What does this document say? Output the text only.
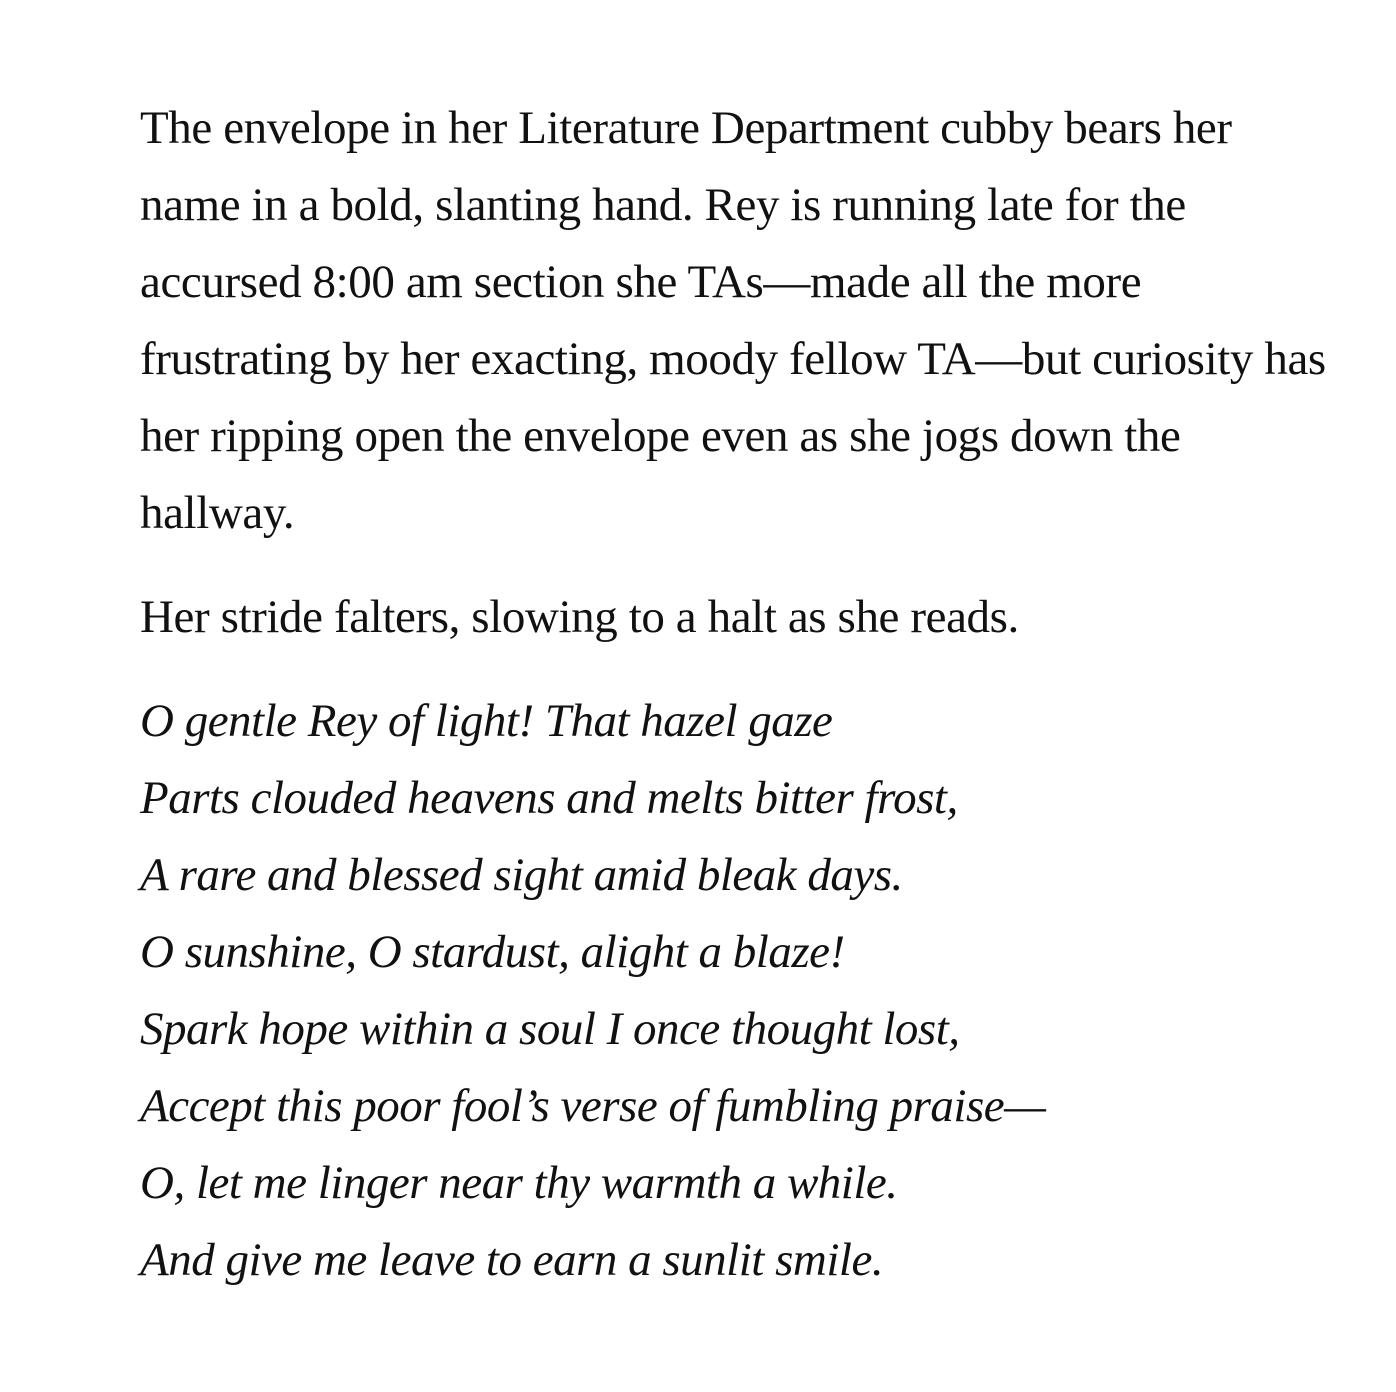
The envelope in her Literature Department cubby bears her name in a bold, slanting hand. Rey is running late for the accursed 8:00 am section she TAs—made all the more frustrating by her exacting, moody fellow TA—but curiosity has her ripping open the envelope even as she jogs down the hallway.

Her stride falters, slowing to a halt as she reads.

O gentle Rey of light! That hazel gaze
Parts clouded heavens and melts bitter frost,
A rare and blessed sight amid bleak days.
O sunshine, O stardust, alight a blaze!
Spark hope within a soul I once thought lost,
Accept this poor fool’s verse of fumbling praise—
O, let me linger near thy warmth a while.
And give me leave to earn a sunlit smile.
